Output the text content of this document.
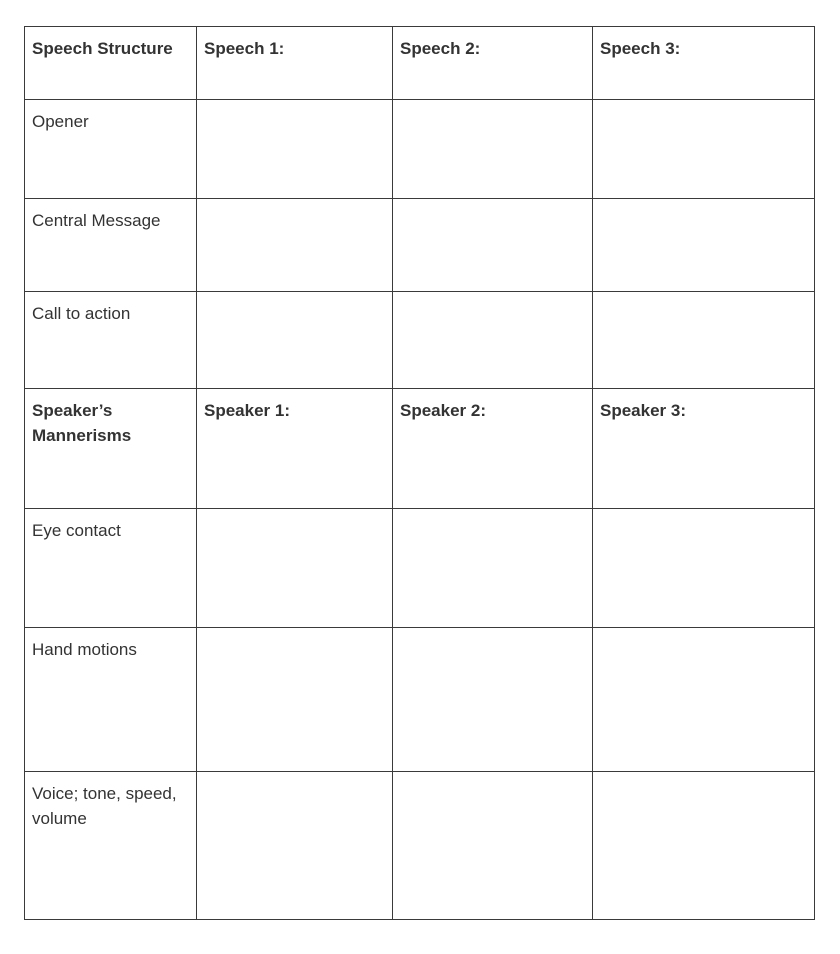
Speech Structure	Speech 1:	Speech 2:	Speech 3:
Opener			
Central Message			
Call to action			

Speaker’s
Mannerisms	Speaker 1:	Speaker 2:	Speaker 3:
Eye contact			
Hand motions			

Voice; tone, speed,
volume			
